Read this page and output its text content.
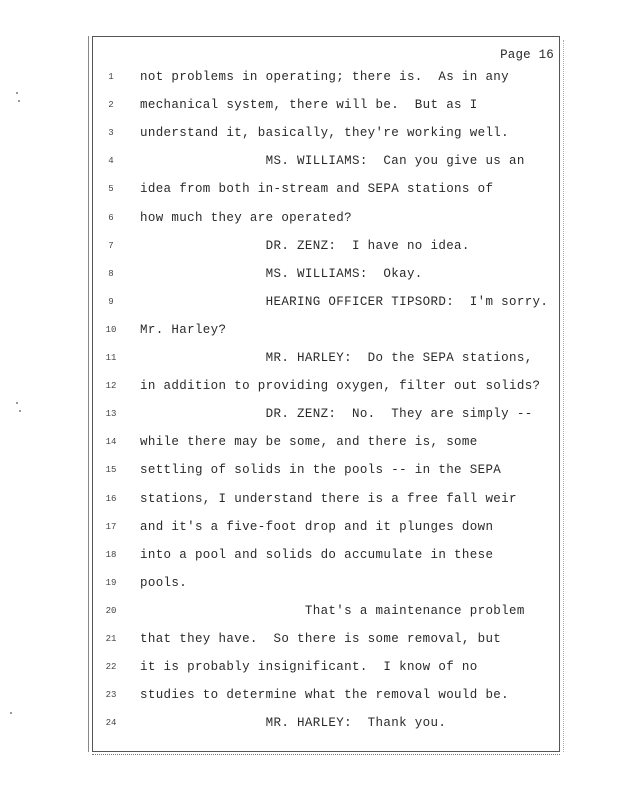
Page 16
1	not problems in operating; there is.  As in any
2	mechanical system, there will be.  But as I
3	understand it, basically, they're working well.
4	MS. WILLIAMS:  Can you give us an
5	idea from both in-stream and SEPA stations of
6	how much they are operated?
7	DR. ZENZ:  I have no idea.
8	MS. WILLIAMS:  Okay.
9	HEARING OFFICER TIPSORD:  I'm sorry.
10	Mr. Harley?
11	MR. HARLEY:  Do the SEPA stations,
12	in addition to providing oxygen, filter out solids?
13	DR. ZENZ:  No.  They are simply --
14	while there may be some, and there is, some
15	settling of solids in the pools -- in the SEPA
16	stations, I understand there is a free fall weir
17	and it's a five-foot drop and it plunges down
18	into a pool and solids do accumulate in these
19	pools.
20	That's a maintenance problem
21	that they have.  So there is some removal, but
22	it is probably insignificant.  I know of no
23	studies to determine what the removal would be.
24	MR. HARLEY:  Thank you.
